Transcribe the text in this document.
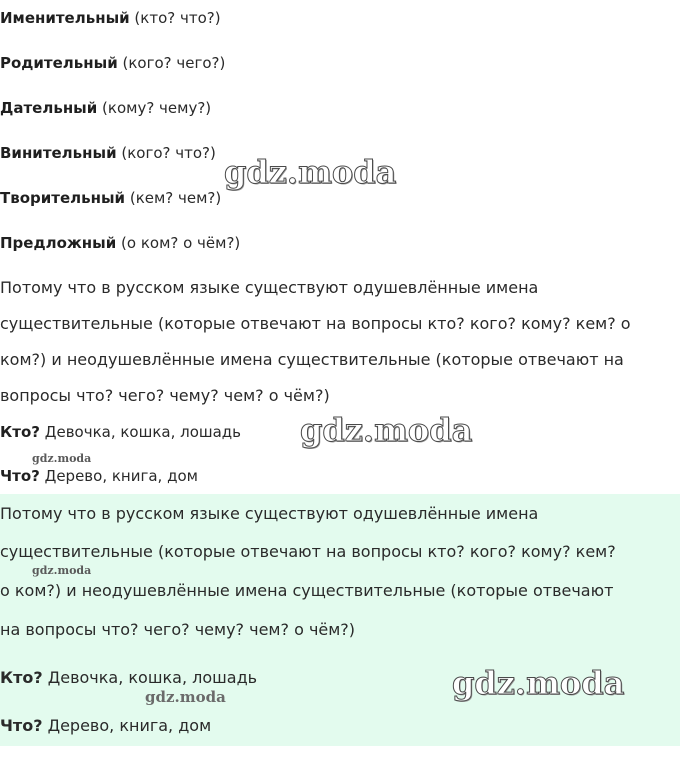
Именительный (кто? что?)
Родительный (кого? чего?)
Дательный (кому? чему?)
Винительный (кого? что?)
Творительный (кем? чем?)
Предложный (о ком? о чём?)
Потому что в русском языке существуют одушевлённые имена
существительные (которые отвечают на вопросы кто? кого? кому? кем? о
ком?) и неодушевлённые имена существительные (которые отвечают на
вопросы что? чего? чему? чем? о чём?)
Кто? Девочка, кошка, лошадь
Что? Дерево, книга, дом
Потому что в русском языке существуют одушевлённые имена
существительные (которые отвечают на вопросы кто? кого? кому? кем?
о ком?) и неодушевлённые имена существительные (которые отвечают
на вопросы что? чего? чему? чем? о чём?)
Кто? Девочка, кошка, лошадь
Что? Дерево, книга, дом
gdz.moda
gdz.moda
gdz.moda
gdz.moda
gdz.moda
gdz.moda
